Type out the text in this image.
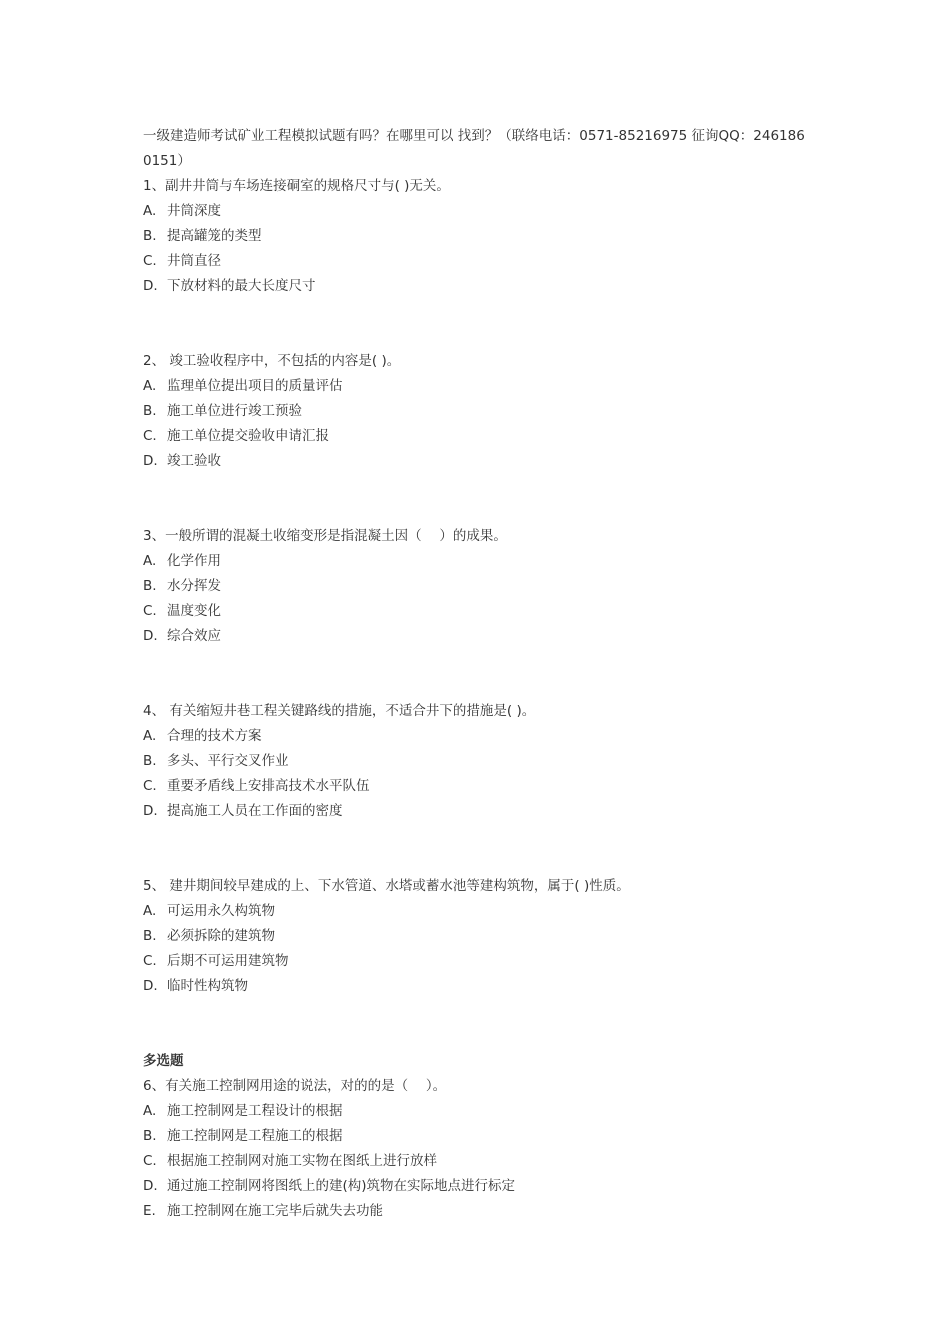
一级建造师考试矿业工程模拟试题有吗？在哪里可以 找到？（联络电话：0571-85216975 征询QQ：2461860151）
1、副井井筒与车场连接硐室的规格尺寸与( )无关。
A. 井筒深度
B. 提高罐笼的类型
C. 井筒直径
D. 下放材料的最大长度尺寸
2、 竣工验收程序中，不包括的内容是( )。
A. 监理单位提出项目的质量评估
B. 施工单位进行竣工预验
C. 施工单位提交验收申请汇报
D. 竣工验收
3、一般所谓的混凝土收缩变形是指混凝土因（　 ）的成果。
A. 化学作用
B. 水分挥发
C. 温度变化
D. 综合效应
4、 有关缩短井巷工程关键路线的措施，不适合井下的措施是( )。
A. 合理的技术方案
B. 多头、平行交叉作业
C. 重要矛盾线上安排高技术水平队伍
D. 提高施工人员在工作面的密度
5、 建井期间较早建成的上、下水管道、水塔或蓄水池等建构筑物，属于( )性质。
A. 可运用永久构筑物
B. 必须拆除的建筑物
C. 后期不可运用建筑物
D. 临时性构筑物
多选题
6、有关施工控制网用途的说法，对的的是（　 ）。
A. 施工控制网是工程设计的根据
B. 施工控制网是工程施工的根据
C. 根据施工控制网对施工实物在图纸上进行放样
D. 通过施工控制网将图纸上的建(构)筑物在实际地点进行标定
E. 施工控制网在施工完毕后就失去功能
